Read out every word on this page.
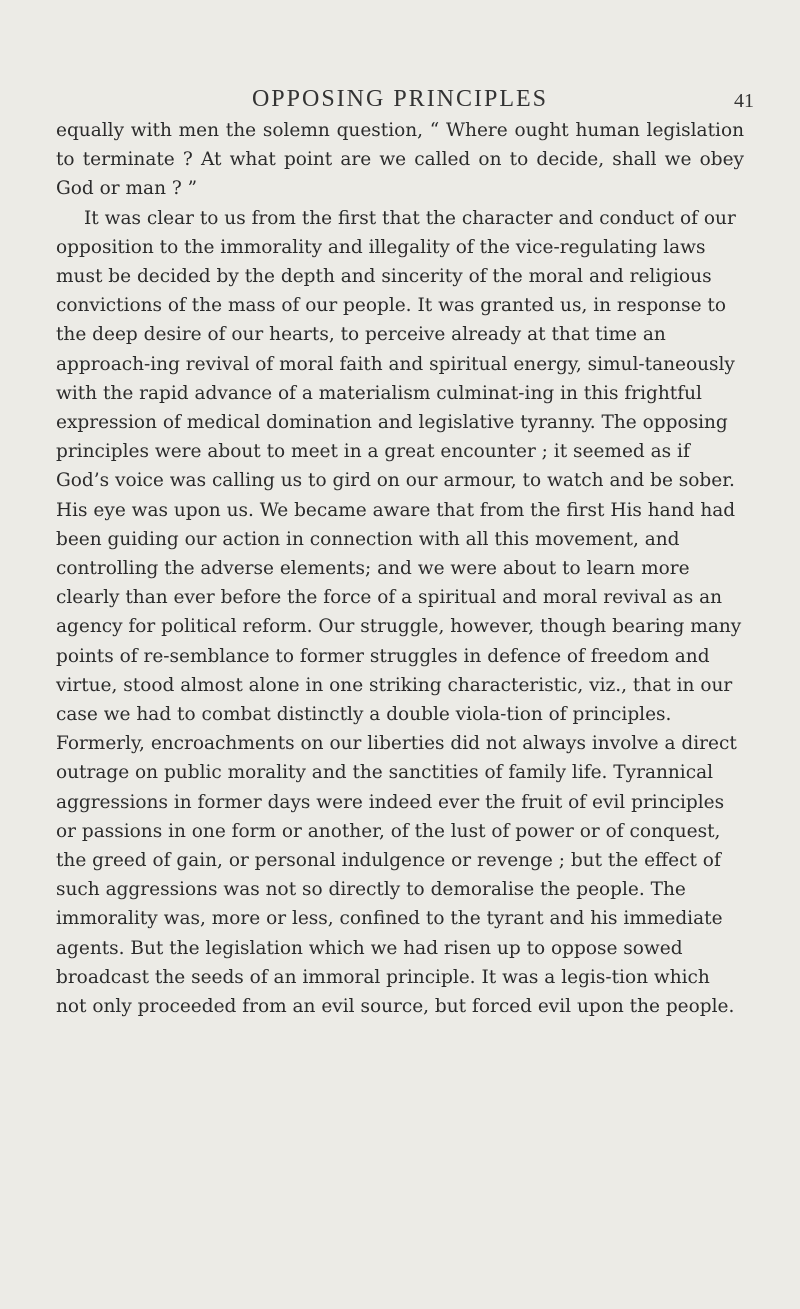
OPPOSING PRINCIPLES	41

equally with men the solemn question, “ Where ought human legislation to terminate ? At what point are we called on to decide, shall we obey God or man ? ”

It was clear to us from the first that the character and conduct of our opposition to the immorality and illegality of the vice-regulating laws must be decided by the depth and sincerity of the moral and religious convictions of the mass of our people. It was granted us, in response to the deep desire of our hearts, to perceive already at that time an approach-ing revival of moral faith and spiritual energy, simul-taneously with the rapid advance of a materialism culminat-ing in this frightful expression of medical domination and legislative tyranny. The opposing principles were about to meet in a great encounter ; it seemed as if God’s voice was calling us to gird on our armour, to watch and be sober. His eye was upon us. We became aware that from the first His hand had been guiding our action in connection with all this movement, and controlling the adverse elements; and we were about to learn more clearly than ever before the force of a spiritual and moral revival as an agency for political reform. Our struggle, however, though bearing many points of re-semblance to former struggles in defence of freedom and virtue, stood almost alone in one striking characteristic, viz., that in our case we had to combat distinctly a double viola-tion of principles. Formerly, encroachments on our liberties did not always involve a direct outrage on public morality and the sanctities of family life. Tyrannical aggressions in former days were indeed ever the fruit of evil principles or passions in one form or another, of the lust of power or of conquest, the greed of gain, or personal indulgence or revenge ; but the effect of such aggressions was not so directly to demoralise the people. The immorality was, more or less, confined to the tyrant and his immediate agents. But the legislation which we had risen up to oppose sowed broadcast the seeds of an immoral principle. It was a legis-tion which not only proceeded from an evil source, but forced evil upon the people.
